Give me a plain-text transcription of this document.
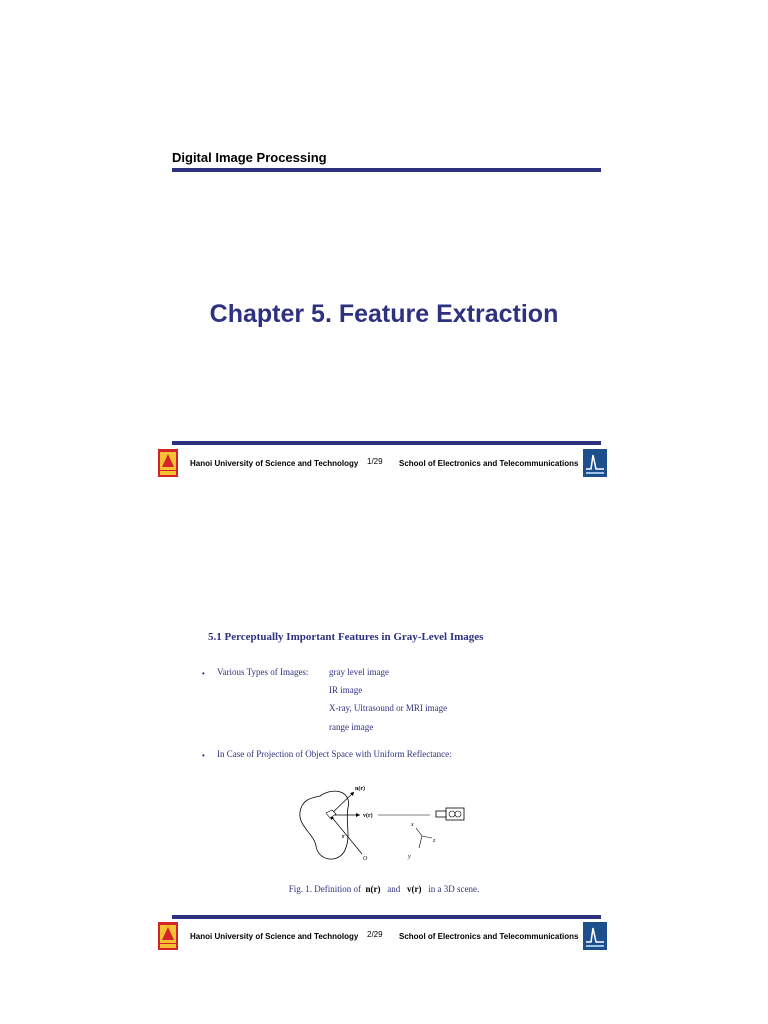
Digital Image Processing
Chapter 5. Feature Extraction
Hanoi University of Science and Technology 1/29 School of Electronics and Telecommunications
5.1 Perceptually Important Features in Gray-Level Images
• Various Types of Images: gray level image
IR image
X-ray, Ultrasound or MRI image
range image
• In Case of Projection of Object Space with Uniform Reflectance:
n(r)
v(r)
r
O
x
z
y
Fig. 1. Definition of n(r) and v(r) in a 3D scene.
Hanoi University of Science and Technology 2/29 School of Electronics and Telecommunications
